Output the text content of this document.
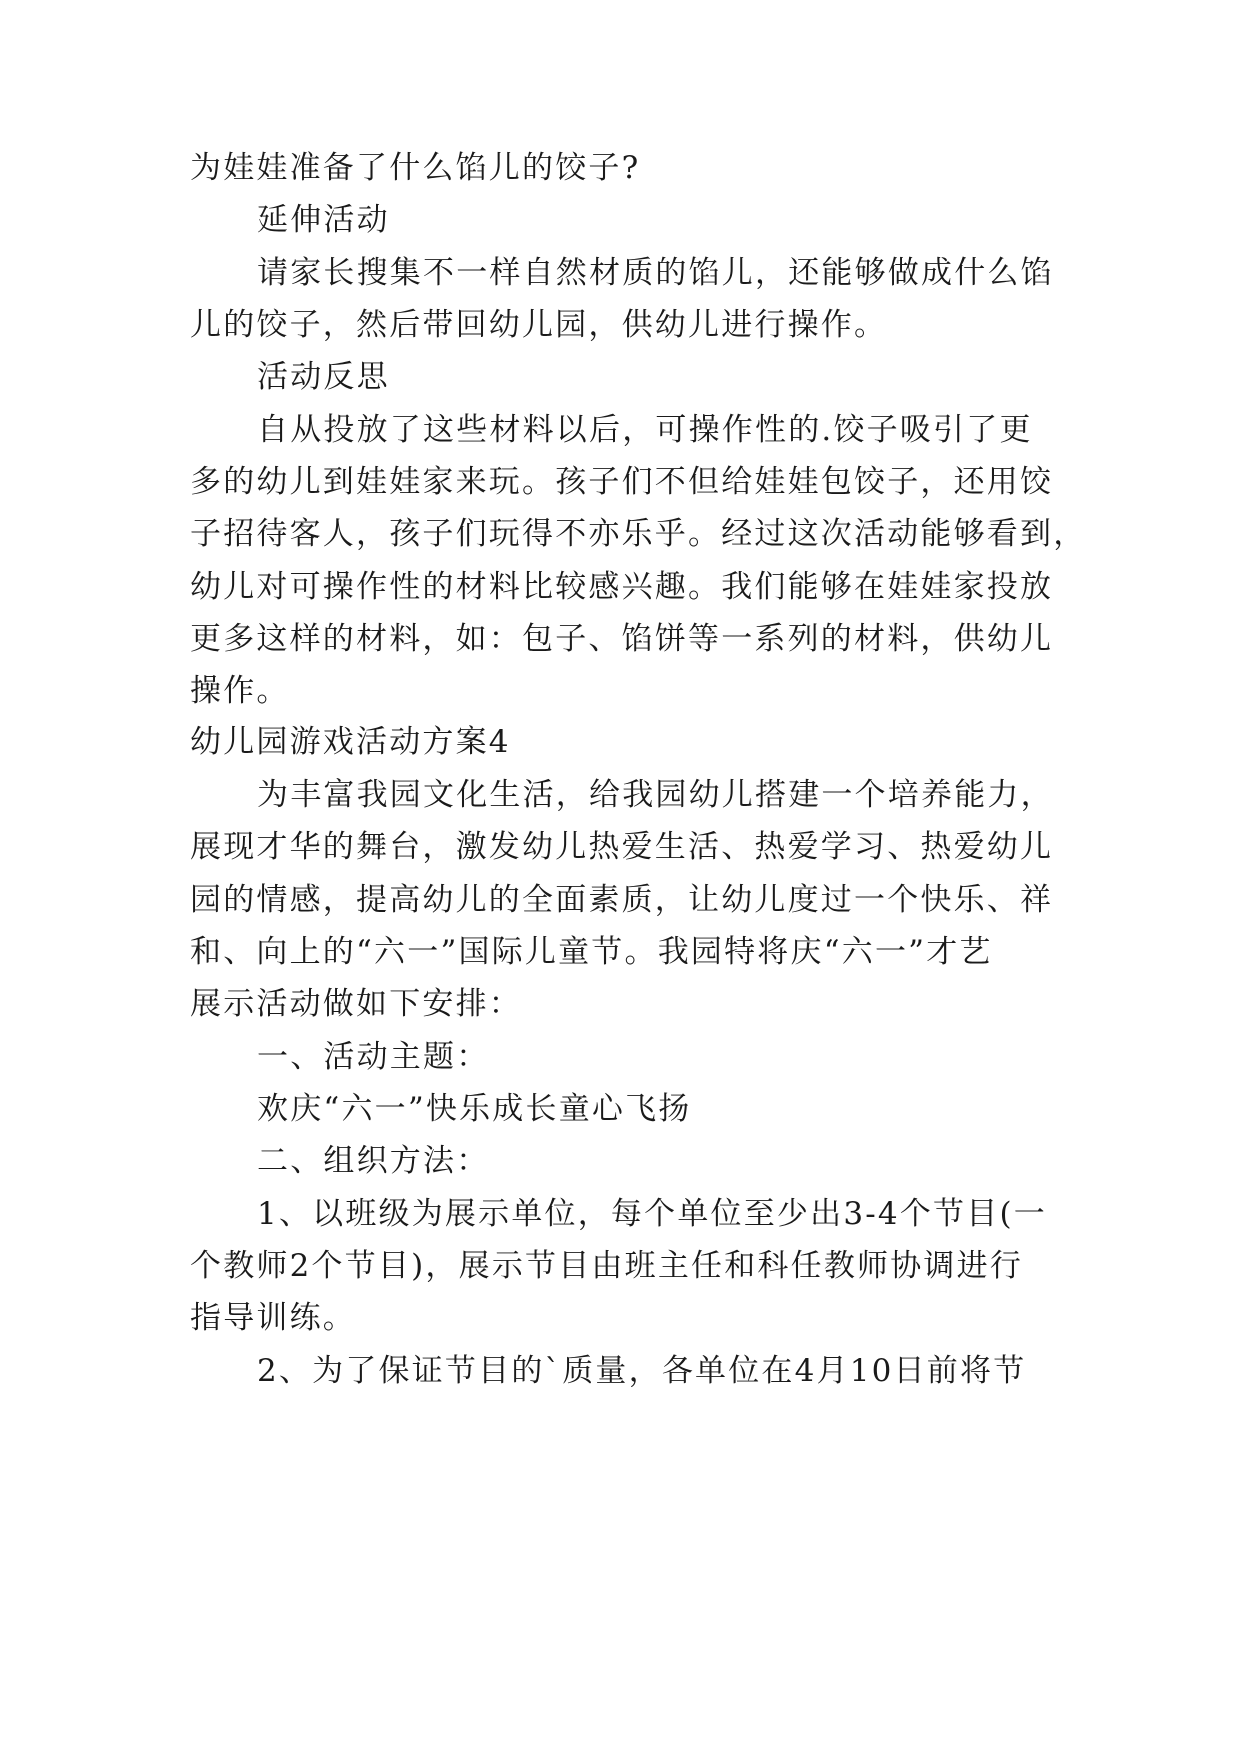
为娃娃准备了什么馅儿的饺子?
延伸活动
请家长搜集不一样自然材质的馅儿，还能够做成什么馅
儿的饺子，然后带回幼儿园，供幼儿进行操作。
活动反思
自从投放了这些材料以后，可操作性的.饺子吸引了更
多的幼儿到娃娃家来玩。孩子们不但给娃娃包饺子，还用饺
子招待客人，孩子们玩得不亦乐乎。经过这次活动能够看到，
幼儿对可操作性的材料比较感兴趣。我们能够在娃娃家投放
更多这样的材料，如：包子、馅饼等一系列的材料，供幼儿
操作。
幼儿园游戏活动方案4
为丰富我园文化生活，给我园幼儿搭建一个培养能力，
展现才华的舞台，激发幼儿热爱生活、热爱学习、热爱幼儿
园的情感，提高幼儿的全面素质，让幼儿度过一个快乐、祥
和、向上的“六一”国际儿童节。我园特将庆“六一”才艺
展示活动做如下安排：
一、活动主题：
欢庆“六一”快乐成长童心飞扬
二、组织方法：
1、以班级为展示单位，每个单位至少出3-4个节目(一
个教师2个节目)，展示节目由班主任和科任教师协调进行
指导训练。
2、为了保证节目的`质量，各单位在4月10日前将节
